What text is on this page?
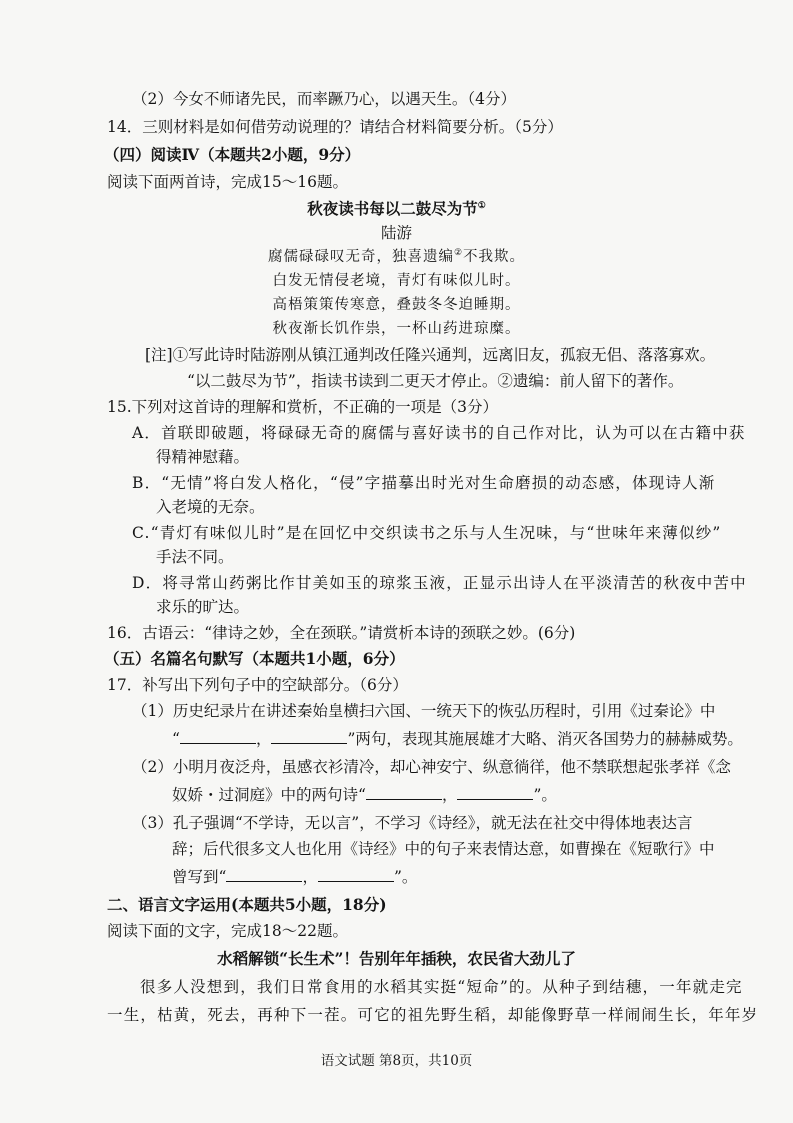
（2）今女不师诸先民，而率蹶乃心，以遇天生。（4分）
14．三则材料是如何借劳动说理的？请结合材料简要分析。（5分）
（四）阅读Ⅳ（本题共2小题，9分）
阅读下面两首诗，完成15～16题。
秋夜读书每以二鼓尽为节①
陆游
腐儒碌碌叹无奇，独喜遗编②不我欺。
白发无情侵老境，青灯有味似儿时。
高梧策策传寒意，叠鼓冬冬迫睡期。
秋夜渐长饥作祟，一杯山药进琼糜。
[注]①写此诗时陆游刚从镇江通判改任隆兴通判，远离旧友，孤寂无侣、落落寡欢。
“以二鼓尽为节”，指读书读到二更天才停止。②遗编：前人留下的著作。
15.下列对这首诗的理解和赏析，不正确的一项是（3分）
A．首联即破题，将碌碌无奇的腐儒与喜好读书的自己作对比，认为可以在古籍中获
得精神慰藉。
B．“无情”将白发人格化，“侵”字描摹出时光对生命磨损的动态感，体现诗人渐
入老境的无奈。
C.“青灯有味似儿时”是在回忆中交织读书之乐与人生况味，与“世味年来薄似纱”
手法不同。
D．将寻常山药粥比作甘美如玉的琼浆玉液，正显示出诗人在平淡清苦的秋夜中苦中
求乐的旷达。
16．古语云：“律诗之妙，全在颈联。”请赏析本诗的颈联之妙。(6分)
（五）名篇名句默写（本题共1小题，6分）
17．补写出下列句子中的空缺部分。（6分）
（1）历史纪录片在讲述秦始皇横扫六国、一统天下的恢弘历程时，引用《过秦论》中
“	，	”两句，表现其施展雄才大略、消灭各国势力的赫赫威势。
（2）小明月夜泛舟，虽感衣衫清冷，却心神安宁、纵意徜徉，他不禁联想起张孝祥《念
奴娇・过洞庭》中的两句诗“	，	”。
（3）孔子强调“不学诗，无以言”，不学习《诗经》，就无法在社交中得体地表达言
辞；后代很多文人也化用《诗经》中的句子来表情达意，如曹操在《短歌行》中
曾写到“	，	”。
二、语言文字运用(本题共5小题，18分)
阅读下面的文字，完成18～22题。
水稻解锁“长生术”！告别年年插秧，农民省大劲儿了
很多人没想到，我们日常食用的水稻其实挺“短命”的。从种子到结穗，一年就走完
一生，枯黄，死去，再种下一茬。可它的祖先野生稻，却能像野草一样闹闹生长，年年岁
语文试题 第8页，共10页
